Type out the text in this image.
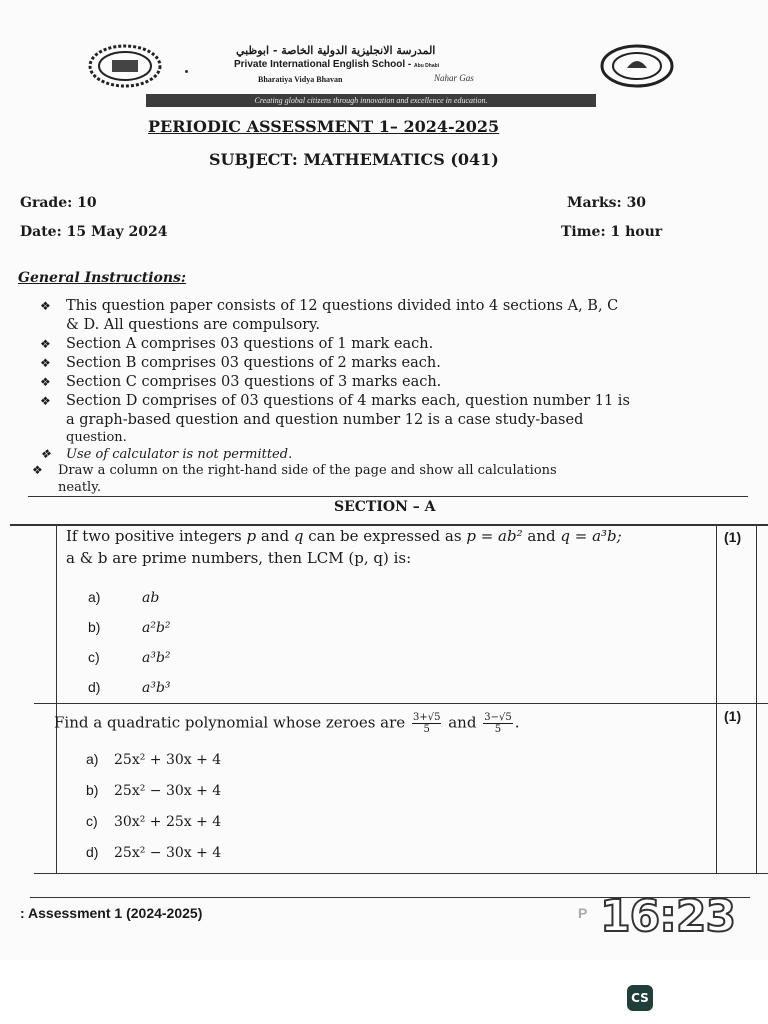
المدرسة الانجليزية الدولية الخاصة - ابوظبي
Private International English School - Abu Dhabi
Bharatiya Vidya Bhavan	Nahar Gas
Creating global citizens through innovation and excellence in education.
PERIODIC ASSESSMENT 1– 2024-2025
SUBJECT: MATHEMATICS (041)
Grade: 10	Marks: 30
Date: 15 May 2024	Time: 1 hour
General Instructions:
❖ This question paper consists of 12 questions divided into 4 sections A, B, C
& D. All questions are compulsory.
❖ Section A comprises 03 questions of 1 mark each.
❖ Section B comprises 03 questions of 2 marks each.
❖ Section C comprises 03 questions of 3 marks each.
❖ Section D comprises of 03 questions of 4 marks each, question number 11 is
a graph-based question and question number 12 is a case study-based
question.
❖ Use of calculator is not permitted.
❖ Draw a column on the right-hand side of the page and show all calculations
neatly.
SECTION – A
If two positive integers p and q can be expressed as p = ab² and q = a³b;
a & b are prime numbers, then LCM (p, q) is:
(1)
a)	ab
b)	a²b²
c)	a³b²
d)	a³b³
Find a quadratic polynomial whose zeroes are $\frac{3+√5}{5}$ and $\frac{3-√5}{5}$ .	(1)
a) 25x² + 30x + 4
b) 25x² − 30x + 4
c) 30x² + 25x + 4
d) 25x² − 30x + 4
: Assessment 1 (2024-2025)	P 16:23
CS
